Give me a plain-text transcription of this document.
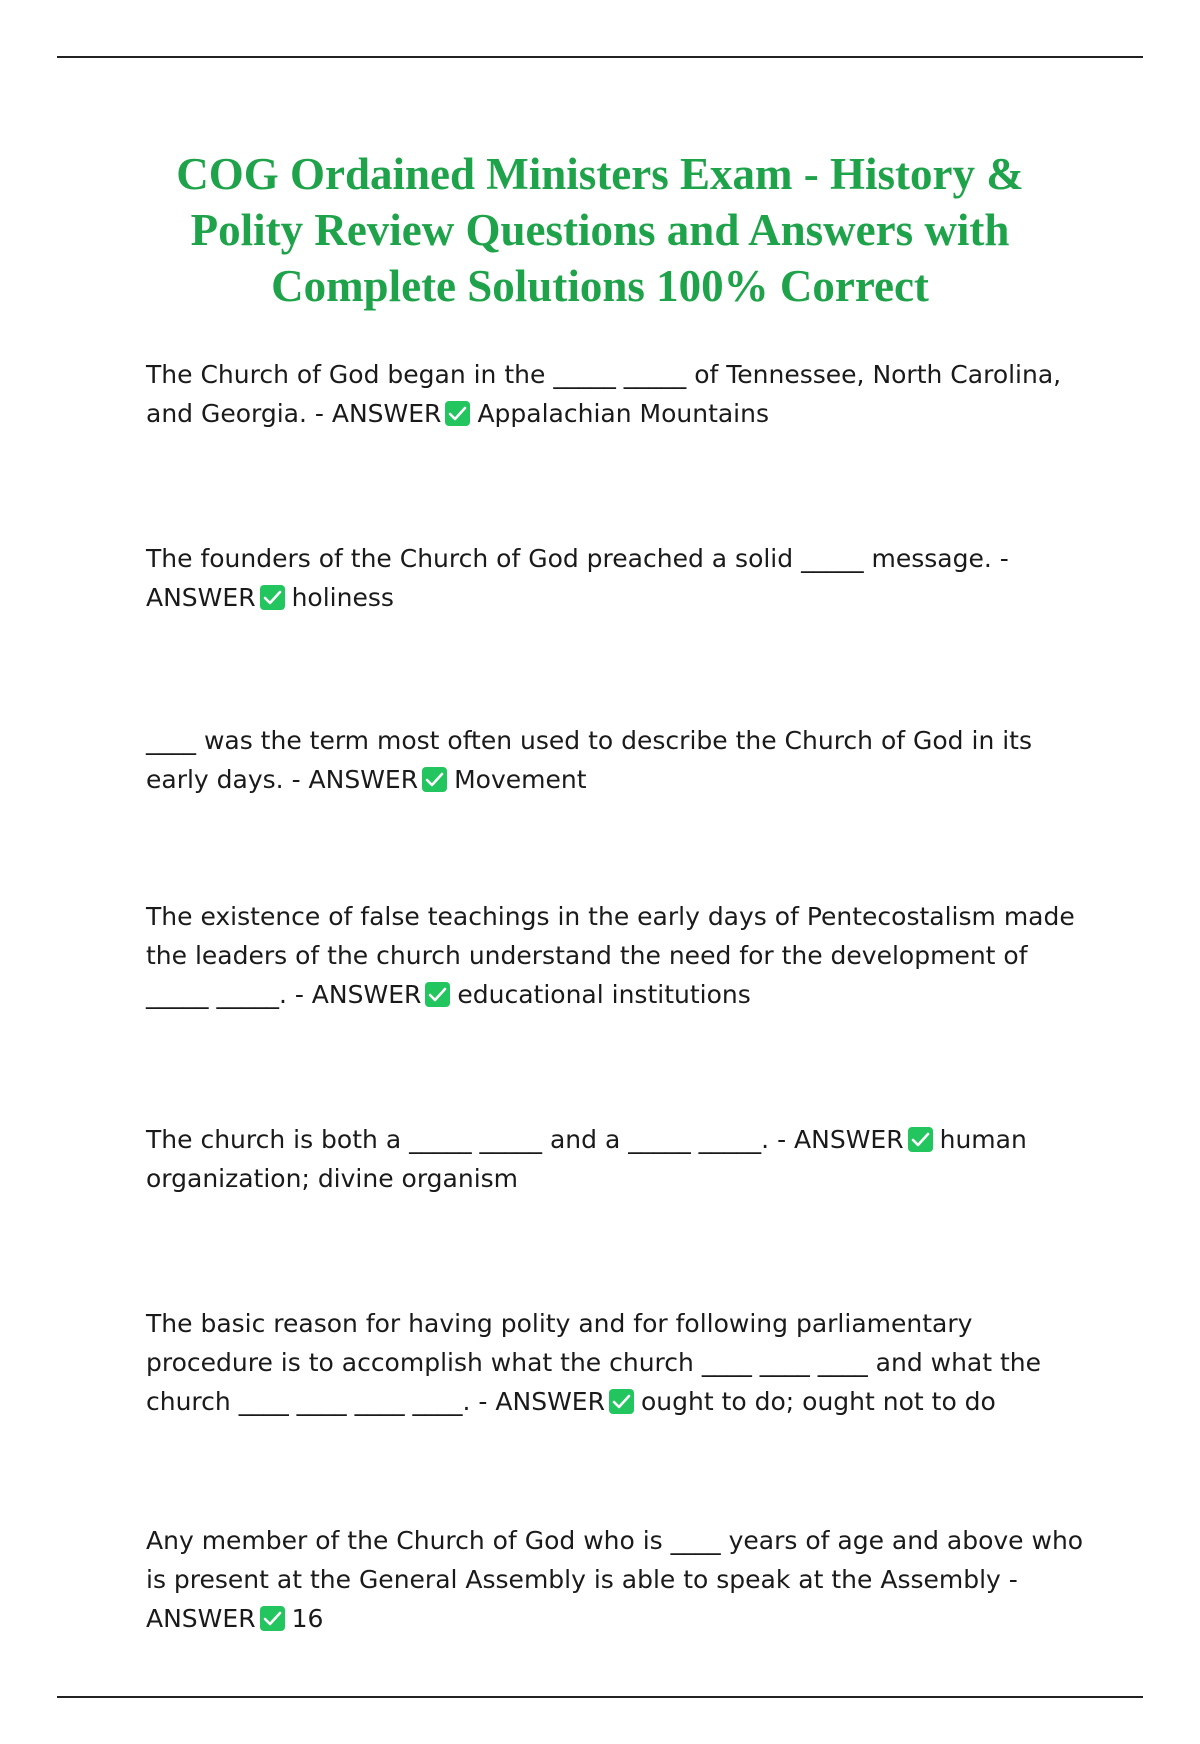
COG Ordained Ministers Exam - History & Polity Review Questions and Answers with Complete Solutions 100% Correct

The Church of God began in the _____ _____ of Tennessee, North Carolina, and Georgia. - ANSWER Appalachian Mountains

The founders of the Church of God preached a solid _____ message. - ANSWER holiness

____ was the term most often used to describe the Church of God in its early days. - ANSWER Movement

The existence of false teachings in the early days of Pentecostalism made the leaders of the church understand the need for the development of _____ _____. - ANSWER educational institutions

The church is both a _____ _____ and a _____ _____. - ANSWER human organization; divine organism

The basic reason for having polity and for following parliamentary procedure is to accomplish what the church ____ ____ ____ and what the church ____ ____ ____ ____. - ANSWER ought to do; ought not to do

Any member of the Church of God who is ____ years of age and above who is present at the General Assembly is able to speak at the Assembly - ANSWER 16
